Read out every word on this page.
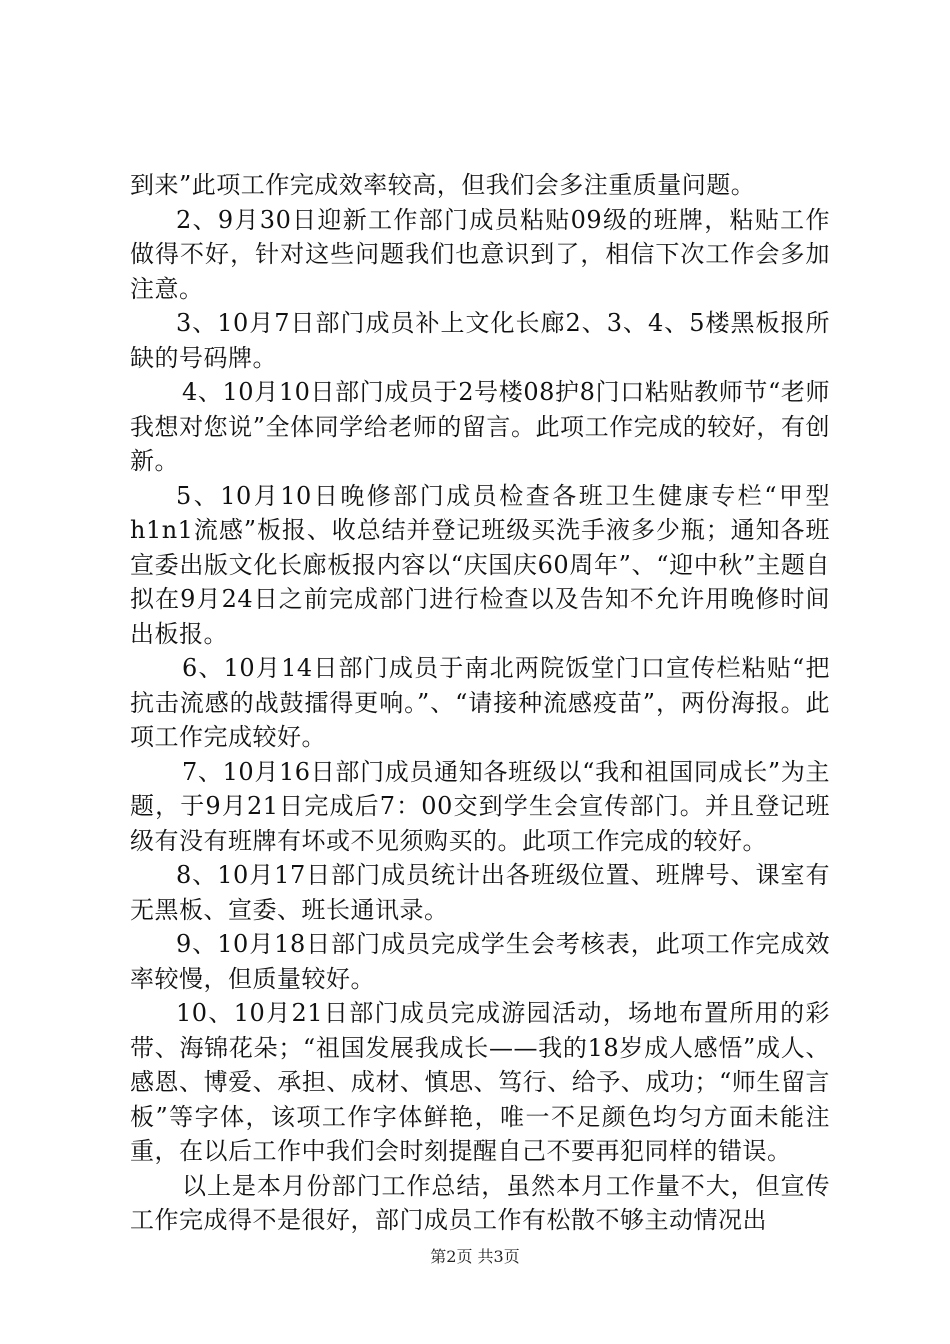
到来”此项工作完成效率较高，但我们会多注重质量问题。

2、9月30日迎新工作部门成员粘贴09级的班牌，粘贴工作做得不好，针对这些问题我们也意识到了，相信下次工作会多加注意。

3、10月7日部门成员补上文化长廊2、3、4、5楼黑板报所缺的号码牌。

4、10月10日部门成员于2号楼08护8门口粘贴教师节“老师我想对您说”全体同学给老师的留言。此项工作完成的较好，有创新。

5、10月10日晚修部门成员检查各班卫生健康专栏“甲型h1n1流感”板报、收总结并登记班级买洗手液多少瓶；通知各班宣委出版文化长廊板报内容以“庆国庆60周年”、“迎中秋”主题自拟在9月24日之前完成部门进行检查以及告知不允许用晚修时间出板报。

6、10月14日部门成员于南北两院饭堂门口宣传栏粘贴“把抗击流感的战鼓擂得更响。”、“请接种流感疫苗”，两份海报。此项工作完成较好。

7、10月16日部门成员通知各班级以“我和祖国同成长”为主题，于9月21日完成后7：00交到学生会宣传部门。并且登记班级有没有班牌有坏或不见须购买的。此项工作完成的较好。

8、10月17日部门成员统计出各班级位置、班牌号、课室有无黑板、宣委、班长通讯录。

9、10月18日部门成员完成学生会考核表，此项工作完成效率较慢，但质量较好。

10、10月21日部门成员完成游园活动，场地布置所用的彩带、海锦花朵；“祖国发展我成长——我的18岁成人感悟”成人、感恩、博爱、承担、成材、慎思、笃行、给予、成功；“师生留言板”等字体，该项工作字体鲜艳，唯一不足颜色均匀方面未能注重，在以后工作中我们会时刻提醒自己不要再犯同样的错误。

以上是本月份部门工作总结，虽然本月工作量不大，但宣传工作完成得不是很好，部门成员工作有松散不够主动情况出

第2页 共3页
